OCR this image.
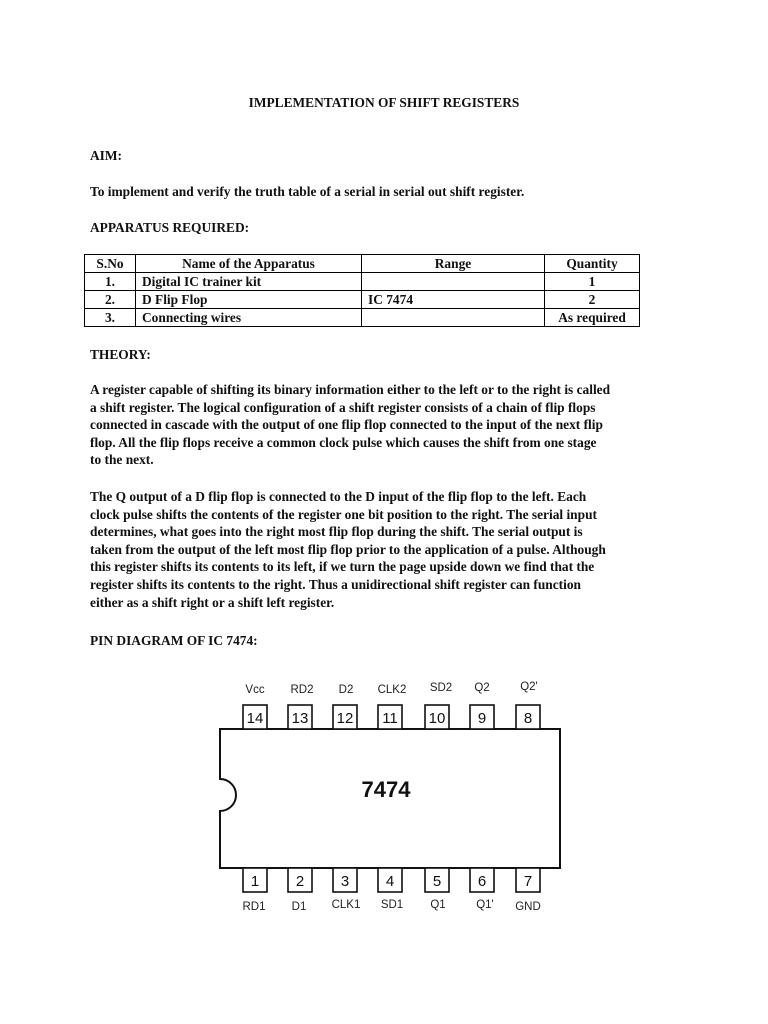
IMPLEMENTATION OF SHIFT REGISTERS
AIM:
To implement and verify the truth table of a serial in serial out shift register.
APPARATUS REQUIRED:
S.No	Name of the Apparatus	Range	Quantity
1.	Digital IC trainer kit		1
2.	D Flip Flop	IC 7474	2
3.	Connecting wires		As required
THEORY:
A register capable of shifting its binary information either to the left or to the right is called
a shift register. The logical configuration of a shift register consists of a chain of flip flops
connected in cascade with the output of one flip flop connected to the input of the next flip
flop. All the flip flops receive a common clock pulse which causes the shift from one stage
to the next.
The Q output of a D flip flop is connected to the D input of the flip flop to the left. Each
clock pulse shifts the contents of the register one bit position to the right. The serial input
determines, what goes into the right most flip flop during the shift. The serial output is
taken from the output of the left most flip flop prior to the application of a pulse. Although
this register shifts its contents to its left, if we turn the page upside down we find that the
register shifts its contents to the right. Thus a unidirectional shift register can function
either as a shift right or a shift left register.
PIN DIAGRAM OF IC 7474:
7474
14
Vcc
13
RD2
12
D2
11
CLK2
10
SD2
9
Q2
8
Q2'
1
RD1
2
D1
3
CLK1
4
SD1
5
Q1
6
Q1'
7
GND
